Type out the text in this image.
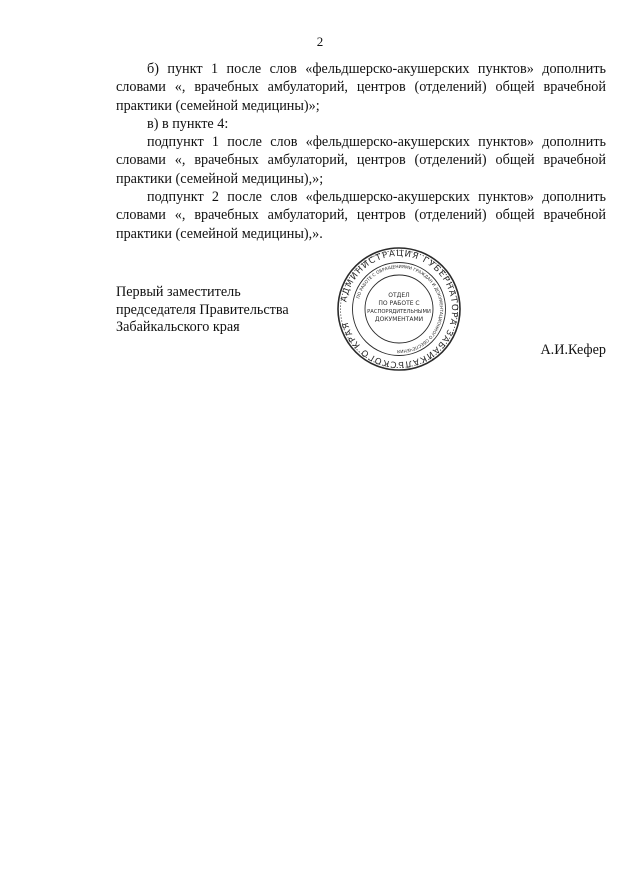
2

б) пункт 1 после слов «фельдшерско-акушерских пунктов» дополнить словами «, врачебных амбулаторий, центров (отделений) общей врачебной практики (семейной медицины)»;

в) в пункте 4:

подпункт 1 после слов «фельдшерско-акушерских пунктов» дополнить словами «, врачебных амбулаторий, центров (отделений) общей врачебной практики (семейной медицины),»;

подпункт 2 после слов «фельдшерско-акушерских пунктов» дополнить словами «, врачебных амбулаторий, центров (отделений) общей врачебной практики (семейной медицины),».

Первый заместитель
председателя Правительства
Забайкальского края
А.И.Кефер
АДМИНИСТРАЦИЯ ГУБЕРНАТОРА ЗАБАЙКАЛЬСКОГО КРАЯ
ПО РАБОТЕ С ОБРАЩЕНИЯМИ ГРАЖДАН И ДОКУМЕНТАЦИОННОГО ОБЕСПЕЧЕНИЯ
ОТДЕЛ
ПО РАБОТЕ С
РАСПОРЯДИТЕЛЬНЫМИ
ДОКУМЕНТАМИ
